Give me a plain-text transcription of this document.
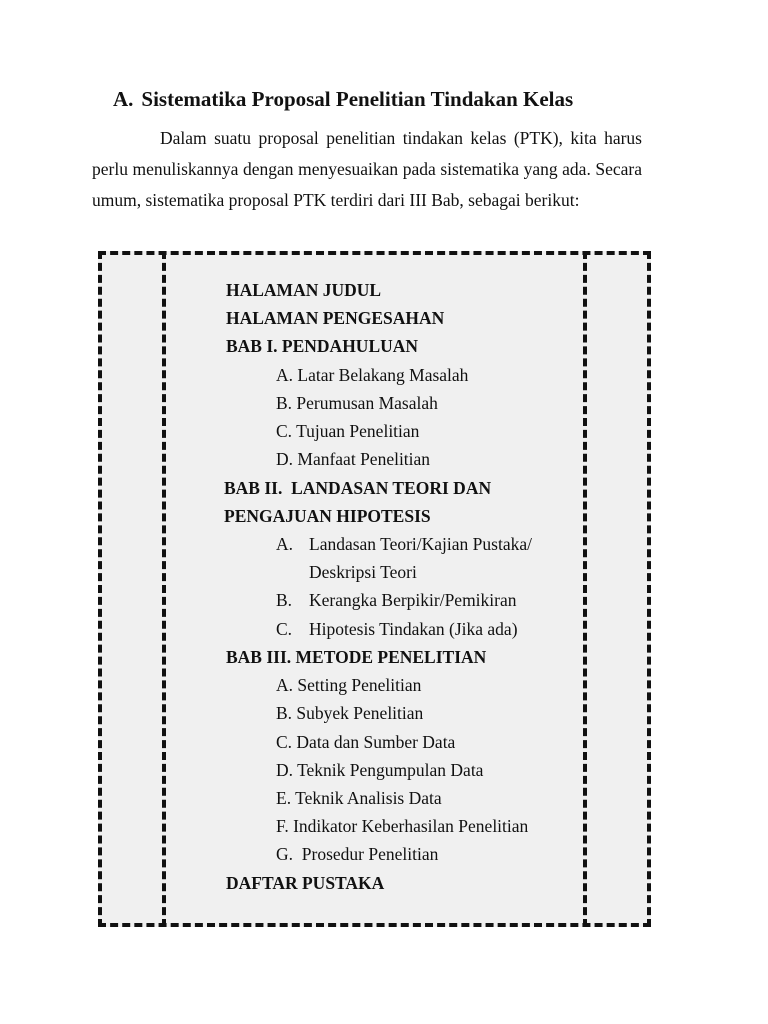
A. Sistematika Proposal Penelitian Tindakan Kelas
Dalam suatu proposal penelitian tindakan kelas (PTK), kita harus perlu menuliskannya dengan menyesuaikan pada sistematika yang ada. Secara umum, sistematika proposal PTK terdiri dari III Bab, sebagai berikut:
HALAMAN JUDUL
HALAMAN PENGESAHAN
BAB I. PENDAHULUAN
A. Latar Belakang Masalah
B. Perumusan Masalah
C. Tujuan Penelitian
D. Manfaat Penelitian
BAB II.  LANDASAN TEORI DAN
PENGAJUAN HIPOTESIS
A. Landasan Teori/Kajian Pustaka/
Deskripsi Teori
B. Kerangka Berpikir/Pemikiran
C. Hipotesis Tindakan (Jika ada)
BAB III. METODE PENELITIAN
A. Setting Penelitian
B. Subyek Penelitian
C. Data dan Sumber Data
D. Teknik Pengumpulan Data
E. Teknik Analisis Data
F. Indikator Keberhasilan Penelitian
G.  Prosedur Penelitian
DAFTAR PUSTAKA
